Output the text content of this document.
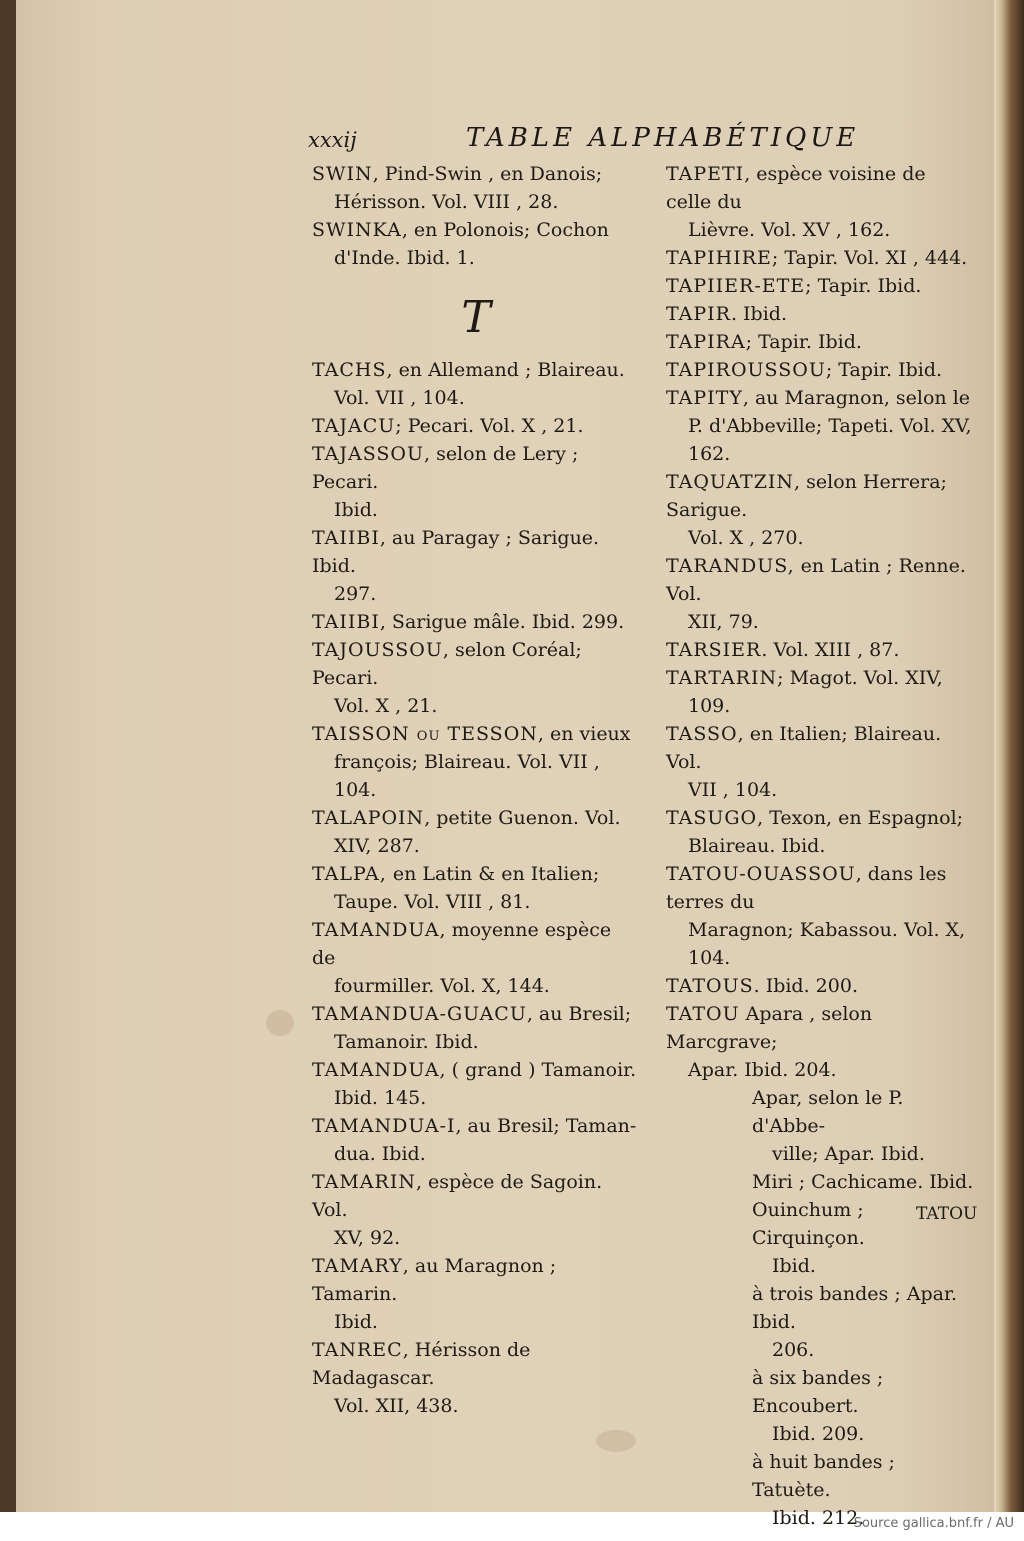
xxxij	TABLE ALPHABÉTIQUE
SWIN, Pind-Swin , en Danois;
Hérisson. Vol. VIII , 28.
SWINKA, en Polonois; Cochon
d'Inde. Ibid. 1.
T
TACHS, en Allemand ; Blaireau.
Vol. VII , 104.
TAJACU; Pecari. Vol. X , 21.
TAJASSOU, selon de Lery ; Pecari.
Ibid.
TAIIBI, au Paragay ; Sarigue. Ibid.
297.
TAIIBI, Sarigue mâle. Ibid. 299.
TAJOUSSOU, selon Coréal; Pecari.
Vol. X , 21.
TAISSON ou TESSON, en vieux
françois; Blaireau. Vol. VII , 104.
TALAPOIN, petite Guenon. Vol.
XIV, 287.
TALPA, en Latin & en Italien;
Taupe. Vol. VIII , 81.
TAMANDUA, moyenne espèce de
fourmiller. Vol. X, 144.
TAMANDUA-GUACU, au Bresil;
Tamanoir. Ibid.
TAMANDUA, ( grand ) Tamanoir.
Ibid. 145.
TAMANDUA-I, au Bresil; Taman-
dua. Ibid.
TAMARIN, espèce de Sagoin. Vol.
XV, 92.
TAMARY, au Maragnon ; Tamarin.
Ibid.
TANREC, Hérisson de Madagascar.
Vol. XII, 438.
TAPETI, espèce voisine de celle du
Lièvre. Vol. XV , 162.
TAPIHIRE; Tapir. Vol. XI , 444.
TAPIIER-ETE; Tapir. Ibid.
TAPIR. Ibid.
TAPIRA; Tapir. Ibid.
TAPIROUSSOU; Tapir. Ibid.
TAPITY, au Maragnon, selon le
P. d'Abbeville; Tapeti. Vol. XV,
162.
TAQUATZIN, selon Herrera; Sarigue.
Vol. X , 270.
TARANDUS, en Latin ; Renne. Vol.
XII, 79.
TARSIER. Vol. XIII , 87.
TARTARIN; Magot. Vol. XIV,
109.
TASSO, en Italien; Blaireau. Vol.
VII , 104.
TASUGO, Texon, en Espagnol;
Blaireau. Ibid.
TATOU-OUASSOU, dans les terres du
Maragnon; Kabassou. Vol. X, 104.
TATOUS. Ibid. 200.
TATOU Apara , selon Marcgrave;
Apar. Ibid. 204.
Apar, selon le P. d'Abbe-
ville; Apar. Ibid.
Miri ; Cachicame. Ibid.
Ouinchum ; Cirquinçon.
Ibid.
à trois bandes ; Apar. Ibid.
206.
à six bandes ; Encoubert.
Ibid. 209.
à huit bandes ; Tatuète.
Ibid. 212.
TATOU
Source gallica.bnf.fr / AU
